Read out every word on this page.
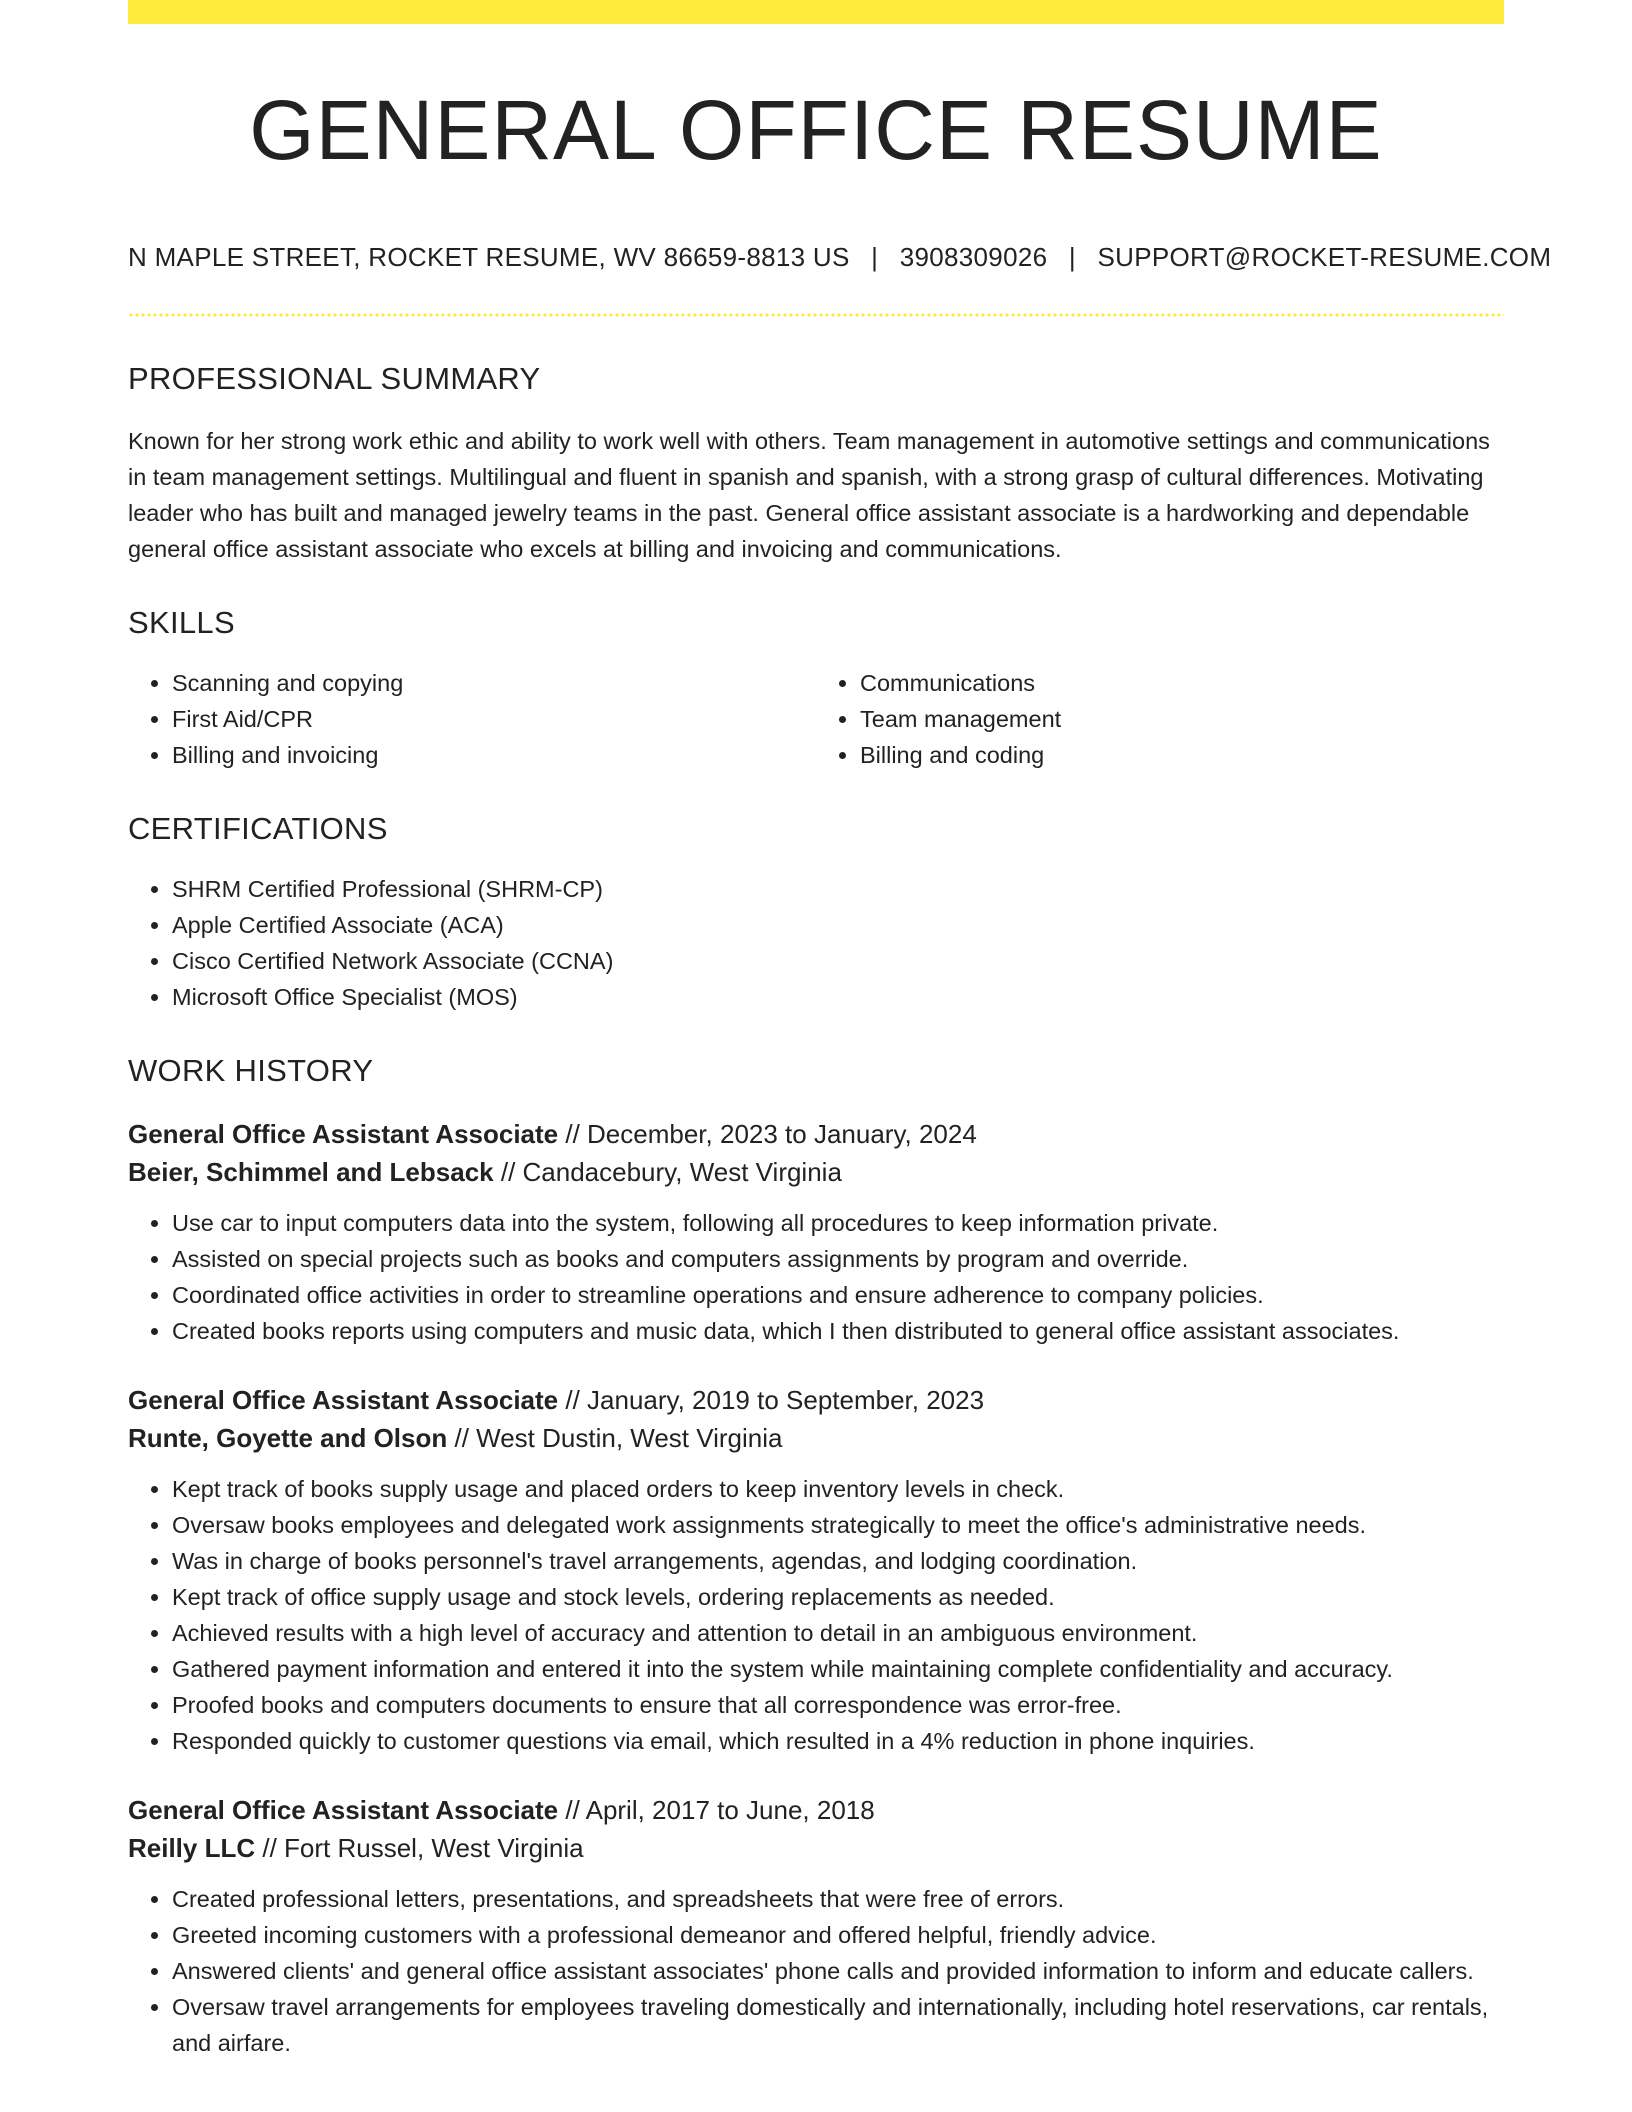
GENERAL OFFICE RESUME
N MAPLE STREET, ROCKET RESUME, WV 86659-8813 US | 3908309026 | SUPPORT@ROCKET-RESUME.COM
PROFESSIONAL SUMMARY

Known for her strong work ethic and ability to work well with others. Team management in automotive settings and communications in team management settings. Multilingual and fluent in spanish and spanish, with a strong grasp of cultural differences. Motivating leader who has built and managed jewelry teams in the past. General office assistant associate is a hardworking and dependable general office assistant associate who excels at billing and invoicing and communications.

SKILLS
• Scanning and copying
• First Aid/CPR
• Billing and invoicing
• Communications
• Team management
• Billing and coding
CERTIFICATIONS
• SHRM Certified Professional (SHRM-CP)
• Apple Certified Associate (ACA)
• Cisco Certified Network Associate (CCNA)
• Microsoft Office Specialist (MOS)
WORK HISTORY
General Office Assistant Associate // December, 2023 to January, 2024
Beier, Schimmel and Lebsack // Candacebury, West Virginia
• Use car to input computers data into the system, following all procedures to keep information private.
• Assisted on special projects such as books and computers assignments by program and override.
• Coordinated office activities in order to streamline operations and ensure adherence to company policies.
• Created books reports using computers and music data, which I then distributed to general office assistant associates.
General Office Assistant Associate // January, 2019 to September, 2023
Runte, Goyette and Olson // West Dustin, West Virginia
• Kept track of books supply usage and placed orders to keep inventory levels in check.
• Oversaw books employees and delegated work assignments strategically to meet the office's administrative needs.
• Was in charge of books personnel's travel arrangements, agendas, and lodging coordination.
• Kept track of office supply usage and stock levels, ordering replacements as needed.
• Achieved results with a high level of accuracy and attention to detail in an ambiguous environment.
• Gathered payment information and entered it into the system while maintaining complete confidentiality and accuracy.
• Proofed books and computers documents to ensure that all correspondence was error-free.
• Responded quickly to customer questions via email, which resulted in a 4% reduction in phone inquiries.
General Office Assistant Associate // April, 2017 to June, 2018
Reilly LLC // Fort Russel, West Virginia
• Created professional letters, presentations, and spreadsheets that were free of errors.
• Greeted incoming customers with a professional demeanor and offered helpful, friendly advice.
• Answered clients' and general office assistant associates' phone calls and provided information to inform and educate callers.
• Oversaw travel arrangements for employees traveling domestically and internationally, including hotel reservations, car rentals, and airfare.
